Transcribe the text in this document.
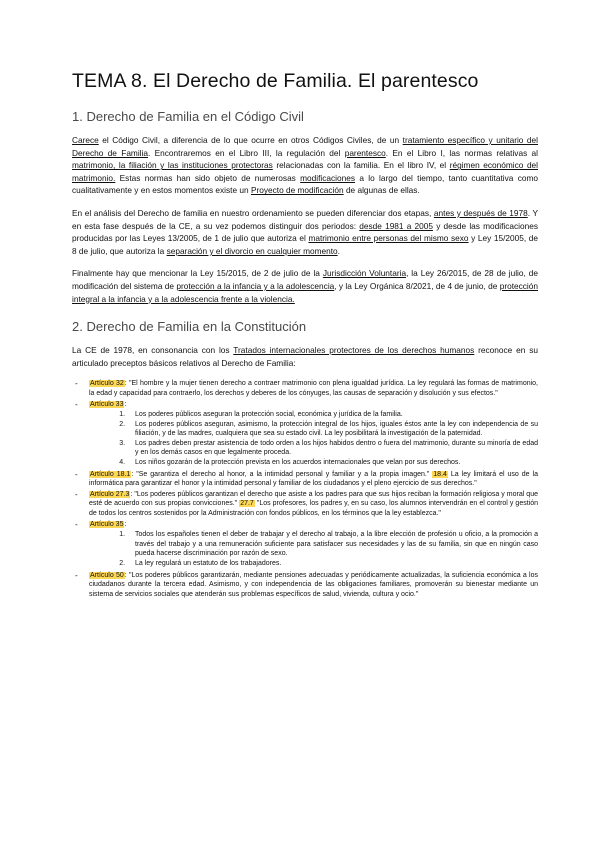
TEMA 8. El Derecho de Familia. El parentesco
1. Derecho de Familia en el Código Civil

Carece el Código Civil, a diferencia de lo que ocurre en otros Códigos Civiles, de un tratamiento específico y unitario del Derecho de Familia. Encontraremos en el Libro III, la regulación del parentesco. En el Libro I, las normas relativas al matrimonio, la filiación y las instituciones protectoras relacionadas con la familia. En el libro IV, el régimen económico del matrimonio. Estas normas han sido objeto de numerosas modificaciones a lo largo del tiempo, tanto cuantitativa como cualitativamente y en estos momentos existe un Proyecto de modificación de algunas de ellas.

En el análisis del Derecho de familia en nuestro ordenamiento se pueden diferenciar dos etapas, antes y después de 1978. Y en esta fase después de la CE, a su vez podemos distinguir dos periodos: desde 1981 a 2005 y desde las modificaciones producidas por las Leyes 13/2005, de 1 de julio que autoriza el matrimonio entre personas del mismo sexo y Ley 15/2005, de 8 de julio, que autoriza la separación y el divorcio en cualquier momento.

Finalmente hay que mencionar la Ley 15/2015, de 2 de julio de la Jurisdicción Voluntaria, la Ley 26/2015, de 28 de julio, de modificación del sistema de protección a la infancia y a la adolescencia, y la Ley Orgánica 8/2021, de 4 de junio, de protección integral a la infancia y a la adolescencia frente a la violencia.

2. Derecho de Familia en la Constitución

La CE de 1978, en consonancia con los Tratados internacionales protectores de los derechos humanos reconoce en su articulado preceptos básicos relativos al Derecho de Familia:

- Artículo 32: "El hombre y la mujer tienen derecho a contraer matrimonio con plena igualdad jurídica. La ley regulará las formas de matrimonio, la edad y capacidad para contraerlo, los derechos y deberes de los cónyuges, las causas de separación y disolución y sus efectos."
- Artículo 33:
1. Los poderes públicos aseguran la protección social, económica y jurídica de la familia.
2. Los poderes públicos aseguran, asimismo, la protección integral de los hijos, iguales éstos ante la ley con independencia de su filiación, y de las madres, cualquiera que sea su estado civil. La ley posibilitará la investigación de la paternidad.
3. Los padres deben prestar asistencia de todo orden a los hijos habidos dentro o fuera del matrimonio, durante su minoría de edad y en los demás casos en que legalmente proceda.
4. Los niños gozarán de la protección prevista en los acuerdos internacionales que velan por sus derechos.
- Artículo 18.1: "Se garantiza el derecho al honor, a la intimidad personal y familiar y a la propia imagen." 18.4 La ley limitará el uso de la informática para garantizar el honor y la intimidad personal y familiar de los ciudadanos y el pleno ejercicio de sus derechos."
- Artículo 27.3: "Los poderes públicos garantizan el derecho que asiste a los padres para que sus hijos reciban la formación religiosa y moral que esté de acuerdo con sus propias convicciones." 27.7 "Los profesores, los padres y, en su caso, los alumnos intervendrán en el control y gestión de todos los centros sostenidos por la Administración con fondos públicos, en los términos que la ley establezca."
- Artículo 35:
1. Todos los españoles tienen el deber de trabajar y el derecho al trabajo, a la libre elección de profesión u oficio, a la promoción a través del trabajo y a una remuneración suficiente para satisfacer sus necesidades y las de su familia, sin que en ningún caso pueda hacerse discriminación por razón de sexo.
2. La ley regulará un estatuto de los trabajadores.
- Artículo 50: "Los poderes públicos garantizarán, mediante pensiones adecuadas y periódicamente actualizadas, la suficiencia económica a los ciudadanos durante la tercera edad. Asimismo, y con independencia de las obligaciones familiares, promoverán su bienestar mediante un sistema de servicios sociales que atenderán sus problemas específicos de salud, vivienda, cultura y ocio."
